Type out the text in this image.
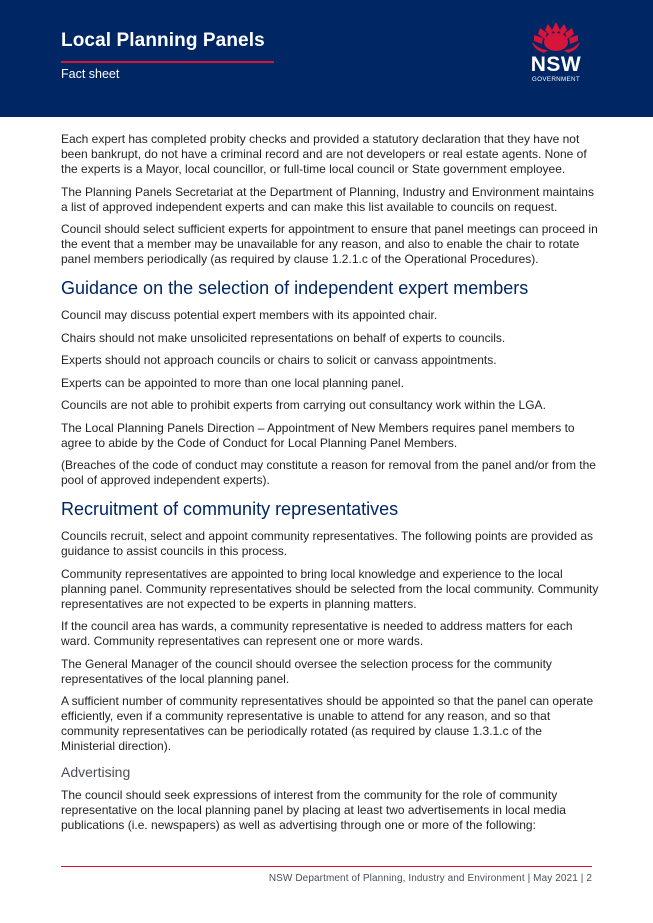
Local Planning Panels
Fact sheet	NSW
GOVERNMENT

Each expert has completed probity checks and provided a statutory declaration that they have not been bankrupt, do not have a criminal record and are not developers or real estate agents. None of the experts is a Mayor, local councillor, or full-time local council or State government employee.

The Planning Panels Secretariat at the Department of Planning, Industry and Environment maintains a list of approved independent experts and can make this list available to councils on request.

Council should select sufficient experts for appointment to ensure that panel meetings can proceed in the event that a member may be unavailable for any reason, and also to enable the chair to rotate panel members periodically (as required by clause 1.2.1.c of the Operational Procedures).

Guidance on the selection of independent expert members

Council may discuss potential expert members with its appointed chair.

Chairs should not make unsolicited representations on behalf of experts to councils.

Experts should not approach councils or chairs to solicit or canvass appointments.

Experts can be appointed to more than one local planning panel.

Councils are not able to prohibit experts from carrying out consultancy work within the LGA.

The Local Planning Panels Direction – Appointment of New Members requires panel members to agree to abide by the Code of Conduct for Local Planning Panel Members.

(Breaches of the code of conduct may constitute a reason for removal from the panel and/or from the pool of approved independent experts).

Recruitment of community representatives

Councils recruit, select and appoint community representatives. The following points are provided as guidance to assist councils in this process.

Community representatives are appointed to bring local knowledge and experience to the local planning panel. Community representatives should be selected from the local community. Community representatives are not expected to be experts in planning matters.

If the council area has wards, a community representative is needed to address matters for each ward. Community representatives can represent one or more wards.

The General Manager of the council should oversee the selection process for the community representatives of the local planning panel.

A sufficient number of community representatives should be appointed so that the panel can operate efficiently, even if a community representative is unable to attend for any reason, and so that community representatives can be periodically rotated (as required by clause 1.3.1.c of the Ministerial direction).

Advertising

The council should seek expressions of interest from the community for the role of community representative on the local planning panel by placing at least two advertisements in local media publications (i.e. newspapers) as well as advertising through one or more of the following:

NSW Department of Planning, Industry and Environment | May 2021 | 2
